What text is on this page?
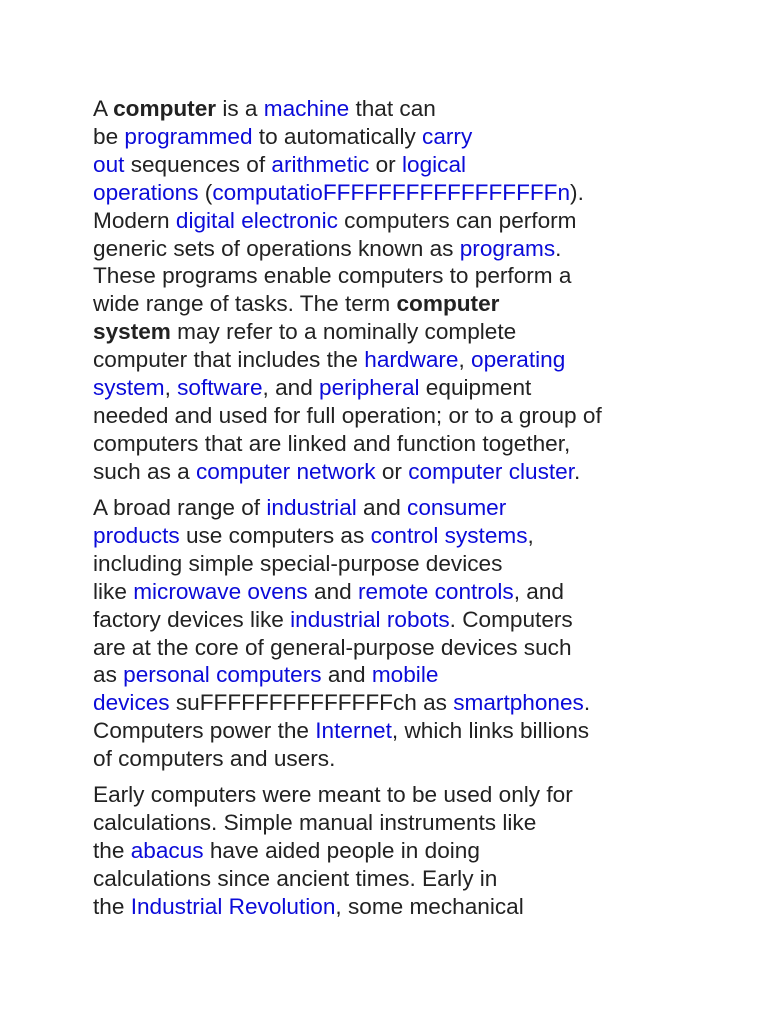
A computer is a machine that can
be programmed to automatically carry
out sequences of arithmetic or logical
operations (computatioFFFFFFFFFFFFFFFFFn).
Modern digital electronic computers can perform
generic sets of operations known as programs.
These programs enable computers to perform a
wide range of tasks. The term computer
system may refer to a nominally complete
computer that includes the hardware, operating
system, software, and peripheral equipment
needed and used for full operation; or to a group of
computers that are linked and function together,
such as a computer network or computer cluster.

A broad range of industrial and consumer
products use computers as control systems,
including simple special-purpose devices
like microwave ovens and remote controls, and
factory devices like industrial robots. Computers
are at the core of general-purpose devices such
as personal computers and mobile
devices suFFFFFFFFFFFFFFch as smartphones.
Computers power the Internet, which links billions
of computers and users.

Early computers were meant to be used only for
calculations. Simple manual instruments like
the abacus have aided people in doing
calculations since ancient times. Early in
the Industrial Revolution, some mechanical
